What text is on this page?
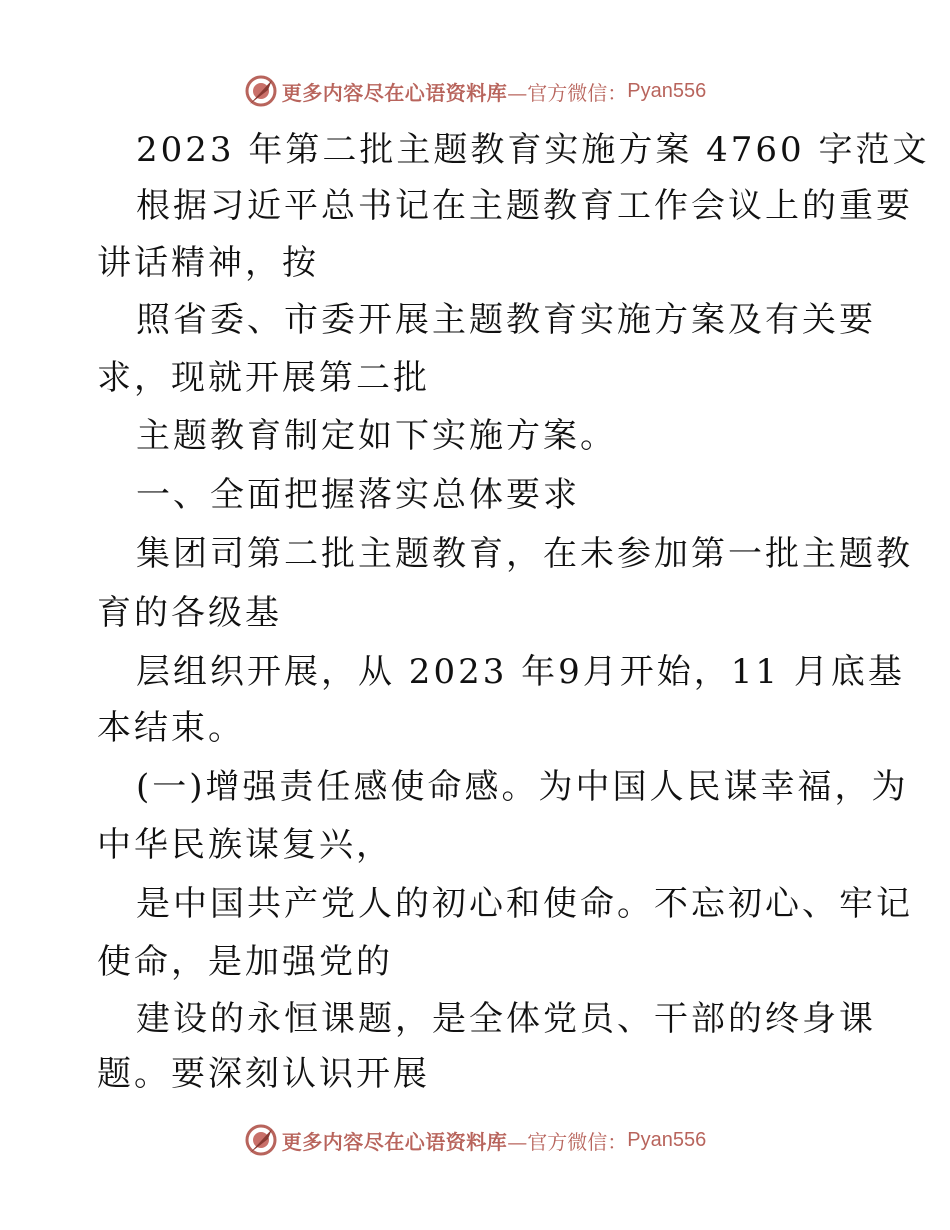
更多内容尽在心语资料库 —官方微信： Pyan556
2023 年第二批主题教育实施方案 4760 字范文
根据习近平总书记在主题教育工作会议上的重要
讲话精神，按
照省委、市委开展主题教育实施方案及有关要
求，现就开展第二批
主题教育制定如下实施方案。
一、全面把握落实总体要求
集团司第二批主题教育，在未参加第一批主题教
育的各级基
层组织开展，从 2023 年9月开始，11 月底基
本结束。
(一)增强责任感使命感。为中国人民谋幸福，为
中华民族谋复兴，
是中国共产党人的初心和使命。不忘初心、牢记
使命，是加强党的
建设的永恒课题，是全体党员、干部的终身课
题。要深刻认识开展
更多内容尽在心语资料库 —官方微信： Pyan556
